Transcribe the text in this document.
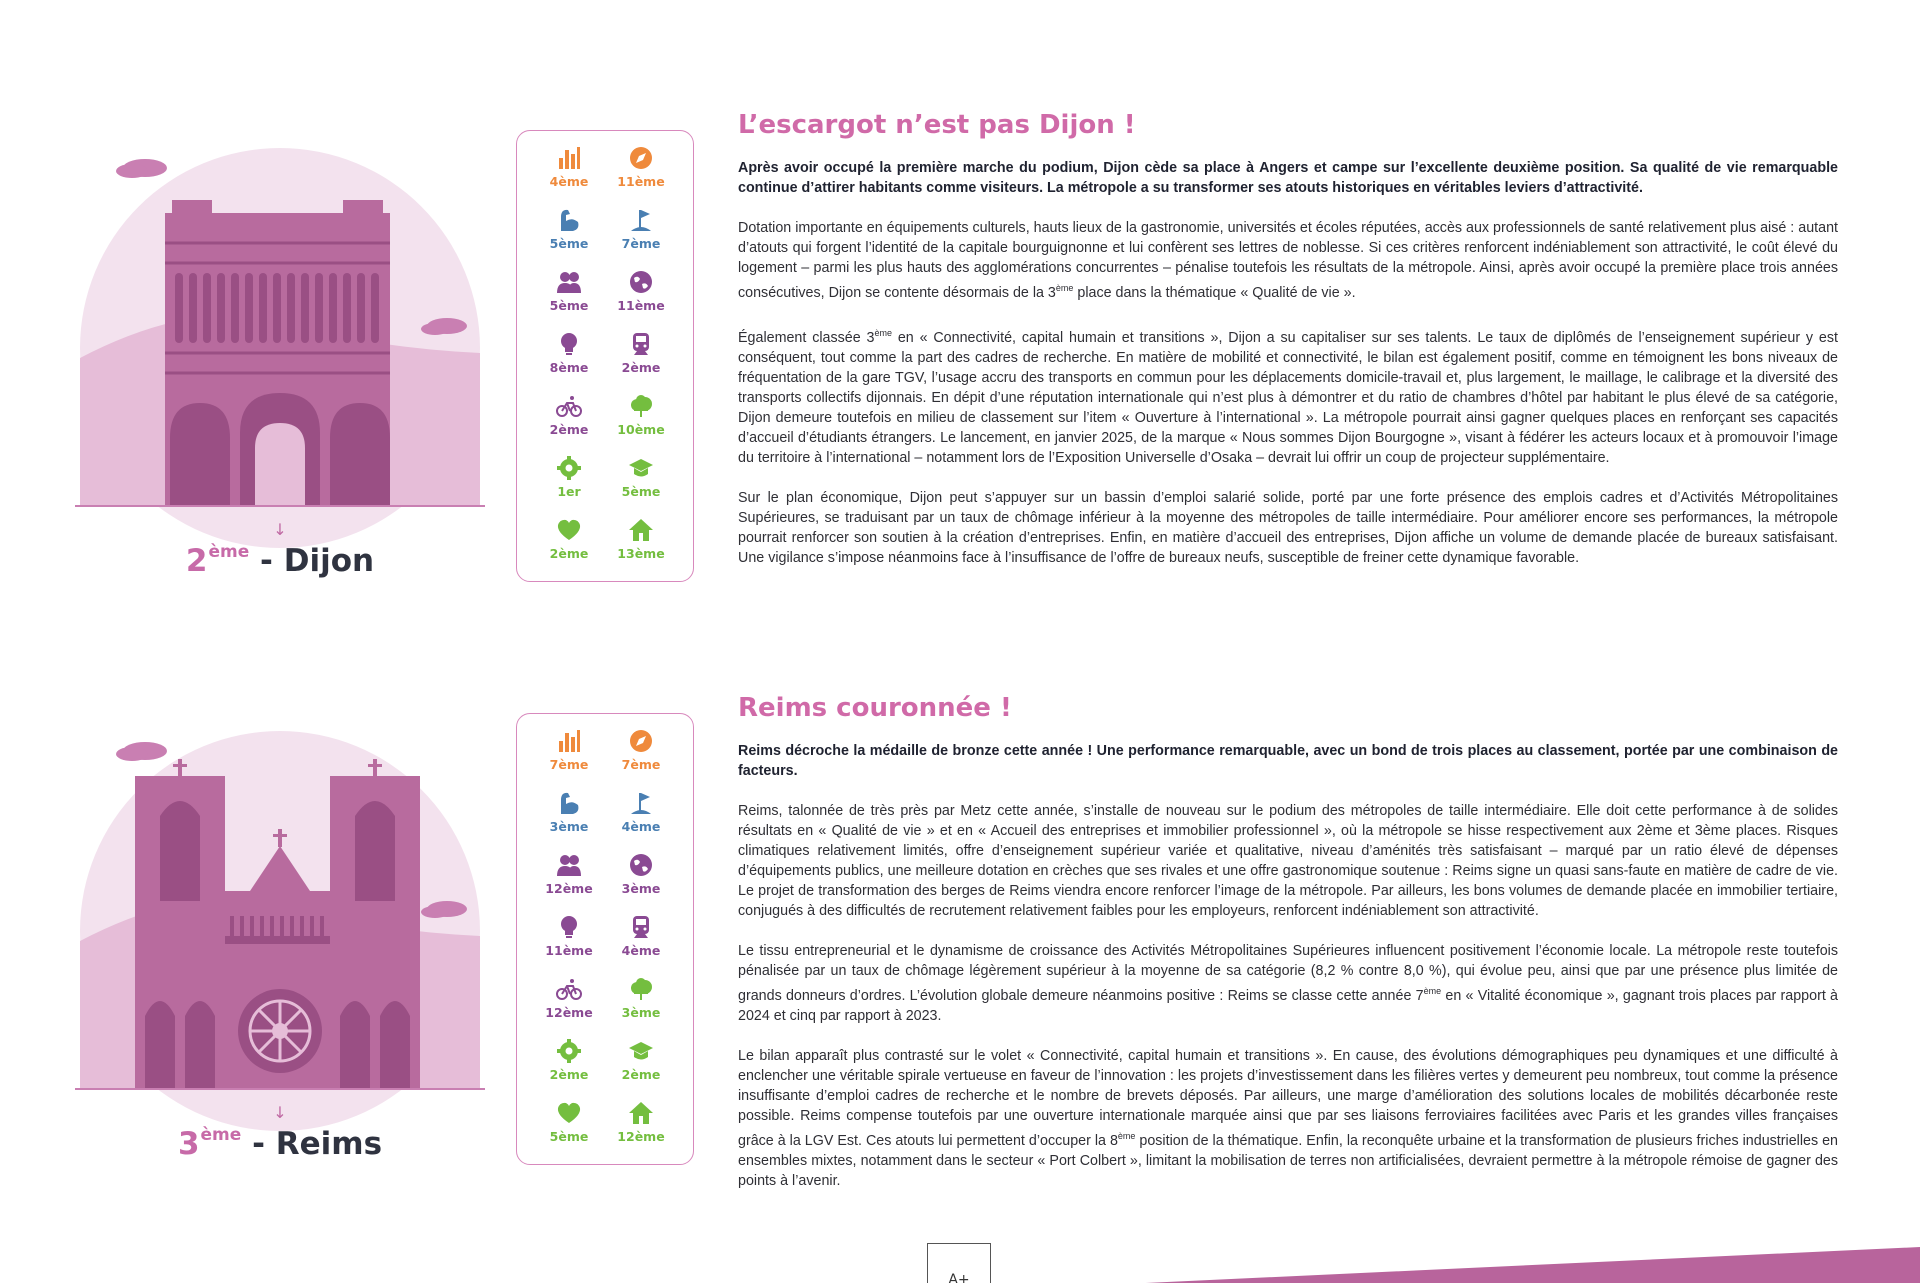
↓
2ème - Dijon
4ème	11ème
5ème	7ème
5ème	11ème
8ème	2ème
2ème	10ème
1er	5ème
2ème	13ème
L’escargot n’est pas Dijon !

Après avoir occupé la première marche du podium, Dijon cède sa place à Angers et campe sur l’excellente deuxième position. Sa qualité de vie remarquable continue d’attirer habitants comme visiteurs. La métropole a su transformer ses atouts historiques en véritables leviers d’attractivité.

Dotation importante en équipements culturels, hauts lieux de la gastronomie, universités et écoles réputées, accès aux professionnels de santé relativement plus aisé : autant d’atouts qui forgent l’identité de la capitale bourguignonne et lui confèrent ses lettres de noblesse. Si ces critères renforcent indéniablement son attractivité, le coût élevé du logement – parmi les plus hauts des agglomérations concurrentes – pénalise toutefois les résultats de la métropole. Ainsi, après avoir occupé la première place trois années consécutives, Dijon se contente désormais de la 3ème place dans la thématique « Qualité de vie ».

Également classée 3ème en « Connectivité, capital humain et transitions », Dijon a su capitaliser sur ses talents. Le taux de diplômés de l’enseignement supérieur y est conséquent, tout comme la part des cadres de recherche. En matière de mobilité et connectivité, le bilan est également positif, comme en témoignent les bons niveaux de fréquentation de la gare TGV, l’usage accru des transports en commun pour les déplacements domicile-travail et, plus largement, le maillage, le calibrage et la diversité des transports collectifs dijonnais. En dépit d’une réputation internationale qui n’est plus à démontrer et du ratio de chambres d’hôtel par habitant le plus élevé de sa catégorie, Dijon demeure toutefois en milieu de classement sur l’item « Ouverture à l’international ». La métropole pourrait ainsi gagner quelques places en renforçant ses capacités d’accueil d’étudiants étrangers. Le lancement, en janvier 2025, de la marque « Nous sommes Dijon Bourgogne », visant à fédérer les acteurs locaux et à promouvoir l’image du territoire à l’international – notamment lors de l’Exposition Universelle d’Osaka – devrait lui offrir un coup de projecteur supplémentaire.

Sur le plan économique, Dijon peut s’appuyer sur un bassin d’emploi salarié solide, porté par une forte présence des emplois cadres et d’Activités Métropolitaines Supérieures, se traduisant par un taux de chômage inférieur à la moyenne des métropoles de taille intermédiaire. Pour améliorer encore ses performances, la métropole pourrait renforcer son soutien à la création d’entreprises. Enfin, en matière d’accueil des entreprises, Dijon affiche un volume de demande placée de bureaux satisfaisant. Une vigilance s’impose néanmoins face à l’insuffisance de l’offre de bureaux neufs, susceptible de freiner cette dynamique favorable.

↓
3ème - Reims
7ème	7ème
3ème	4ème
12ème	3ème
11ème	4ème
12ème	3ème
2ème	2ème
5ème	12ème
Reims couronnée !

Reims décroche la médaille de bronze cette année ! Une performance remarquable, avec un bond de trois places au classement, portée par une combinaison de facteurs.

Reims, talonnée de très près par Metz cette année, s’installe de nouveau sur le podium des métropoles de taille intermédiaire. Elle doit cette performance à de solides résultats en « Qualité de vie » et en « Accueil des entreprises et immobilier professionnel », où la métropole se hisse respectivement aux 2ème et 3ème places. Risques climatiques relativement limités, offre d’enseignement supérieur variée et qualitative, niveau d’aménités très satisfaisant – marqué par un ratio élevé de dépenses d’équipements publics, une meilleure dotation en crèches que ses rivales et une offre gastronomique soutenue : Reims signe un quasi sans-faute en matière de cadre de vie. Le projet de transformation des berges de Reims viendra encore renforcer l’image de la métropole. Par ailleurs, les bons volumes de demande placée en immobilier tertiaire, conjugués à des difficultés de recrutement relativement faibles pour les employeurs, renforcent indéniablement son attractivité.

Le tissu entrepreneurial et le dynamisme de croissance des Activités Métropolitaines Supérieures influencent positivement l’économie locale. La métropole reste toutefois pénalisée par un taux de chômage légèrement supérieur à la moyenne de sa catégorie (8,2 % contre 8,0 %), qui évolue peu, ainsi que par une présence plus limitée de grands donneurs d’ordres. L’évolution globale demeure néanmoins positive : Reims se classe cette année 7ème en « Vitalité économique », gagnant trois places par rapport à 2024 et cinq par rapport à 2023.

Le bilan apparaît plus contrasté sur le volet « Connectivité, capital humain et transitions ». En cause, des évolutions démographiques peu dynamiques et une difficulté à enclencher une véritable spirale vertueuse en faveur de l’innovation : les projets d’investissement dans les filières vertes y demeurent peu nombreux, tout comme la présence insuffisante d’emploi cadres de recherche et le nombre de brevets déposés. Par ailleurs, une marge d’amélioration des solutions locales de mobilités décarbonée reste possible. Reims compense toutefois par une ouverture internationale marquée ainsi que par ses liaisons ferroviaires facilitées avec Paris et les grandes villes françaises grâce à la LGV Est. Ces atouts lui permettent d’occuper la 8ème position de la thématique. Enfin, la reconquête urbaine et la transformation de plusieurs friches industrielles en ensembles mixtes, notamment dans le secteur « Port Colbert », limitant la mobilisation de terres non artificialisées, devraient permettre à la métropole rémoise de gagner des points à l’avenir.

A+
